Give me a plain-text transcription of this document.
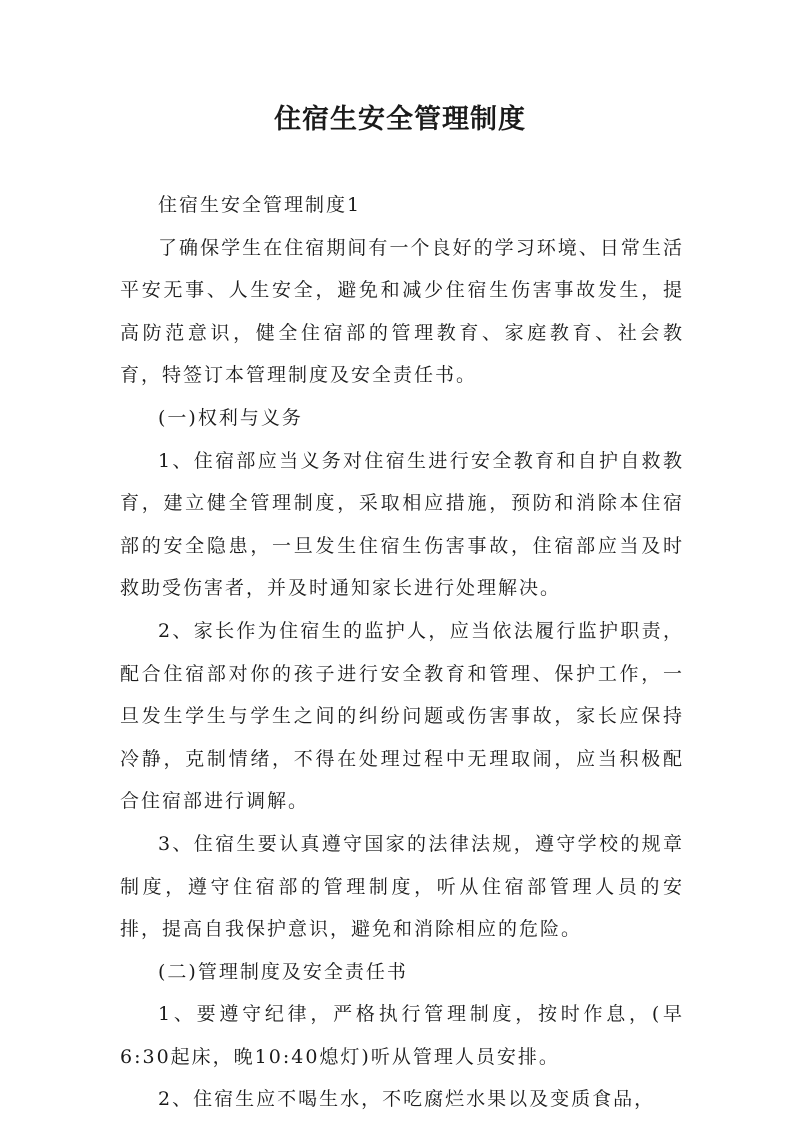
住宿生安全管理制度

住宿生安全管理制度1

了确保学生在住宿期间有一个良好的学习环境、日常生活平安无事、人生安全，避免和减少住宿生伤害事故发生，提高防范意识，健全住宿部的管理教育、家庭教育、社会教育，特签订本管理制度及安全责任书。

(一)权利与义务

1、住宿部应当义务对住宿生进行安全教育和自护自救教育，建立健全管理制度，采取相应措施，预防和消除本住宿部的安全隐患，一旦发生住宿生伤害事故，住宿部应当及时救助受伤害者，并及时通知家长进行处理解决。

2、家长作为住宿生的监护人，应当依法履行监护职责，配合住宿部对你的孩子进行安全教育和管理、保护工作，一旦发生学生与学生之间的纠纷问题或伤害事故，家长应保持冷静，克制情绪，不得在处理过程中无理取闹，应当积极配合住宿部进行调解。

3、住宿生要认真遵守国家的法律法规，遵守学校的规章制度，遵守住宿部的管理制度，听从住宿部管理人员的安排，提高自我保护意识，避免和消除相应的危险。

(二)管理制度及安全责任书

1、要遵守纪律，严格执行管理制度，按时作息，(早6:30起床，晚10:40熄灯)听从管理人员安排。

2、住宿生应不喝生水，不吃腐烂水果以及变质食品，
